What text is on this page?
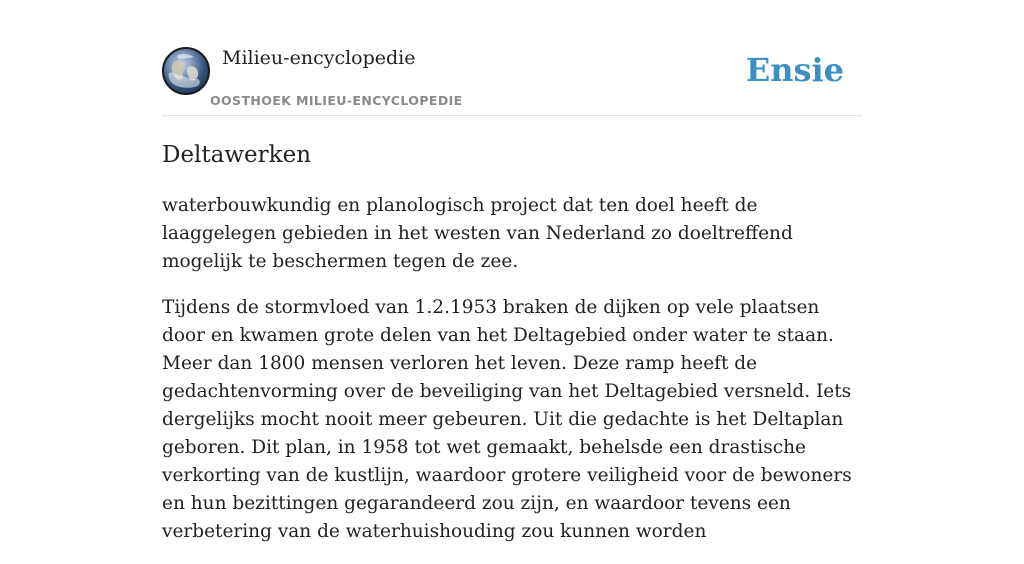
Milieu-encyclopedie
OOSTHOEK MILIEU-ENCYCLOPEDIE
Ensie
Deltawerken

waterbouwkundig en planologisch project dat ten doel heeft de laaggelegen gebieden in het westen van Nederland zo doeltreffend mogelijk te beschermen tegen de zee.

Tijdens de stormvloed van 1.2.1953 braken de dijken op vele plaatsen door en kwamen grote delen van het Deltagebied onder water te staan. Meer dan 1800 mensen verloren het leven. Deze ramp heeft de gedachtenvorming over de beveiliging van het Deltagebied versneld. Iets dergelijks mocht nooit meer gebeuren. Uit die gedachte is het Deltaplan geboren. Dit plan, in 1958 tot wet gemaakt, behelsde een drastische verkorting van de kustlijn, waardoor grotere veiligheid voor de bewoners en hun bezittingen gegarandeerd zou zijn, en waardoor tevens een verbetering van de waterhuishouding zou kunnen worden
